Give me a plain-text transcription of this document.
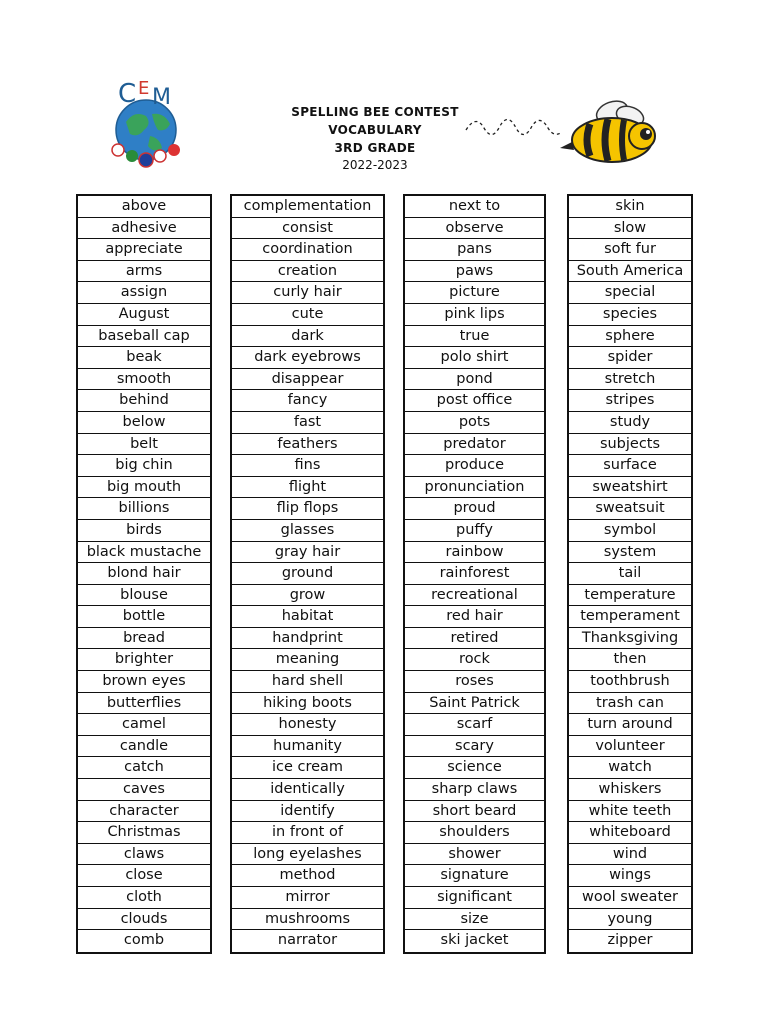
C E M
SPELLING BEE CONTEST
VOCABULARY
3RD GRADE
2022-2023
above
adhesive
appreciate
arms
assign
August
baseball cap
beak
smooth
behind
below
belt
big chin
big mouth
billions
birds
black mustache
blond hair
blouse
bottle
bread
brighter
brown eyes
butterflies
camel
candle
catch
caves
character
Christmas
claws
close
cloth
clouds
comb
complementation
consist
coordination
creation
curly hair
cute
dark
dark eyebrows
disappear
fancy
fast
feathers
fins
flight
flip flops
glasses
gray hair
ground
grow
habitat
handprint
meaning
hard shell
hiking boots
honesty
humanity
ice cream
identically
identify
in front of
long eyelashes
method
mirror
mushrooms
narrator
next to
observe
pans
paws
picture
pink lips
true
polo shirt
pond
post office
pots
predator
produce
pronunciation
proud
puffy
rainbow
rainforest
recreational
red hair
retired
rock
roses
Saint Patrick
scarf
scary
science
sharp claws
short beard
shoulders
shower
signature
significant
size
ski jacket
skin
slow
soft fur
South America
special
species
sphere
spider
stretch
stripes
study
subjects
surface
sweatshirt
sweatsuit
symbol
system
tail
temperature
temperament
Thanksgiving
then
toothbrush
trash can
turn around
volunteer
watch
whiskers
white teeth
whiteboard
wind
wings
wool sweater
young
zipper
